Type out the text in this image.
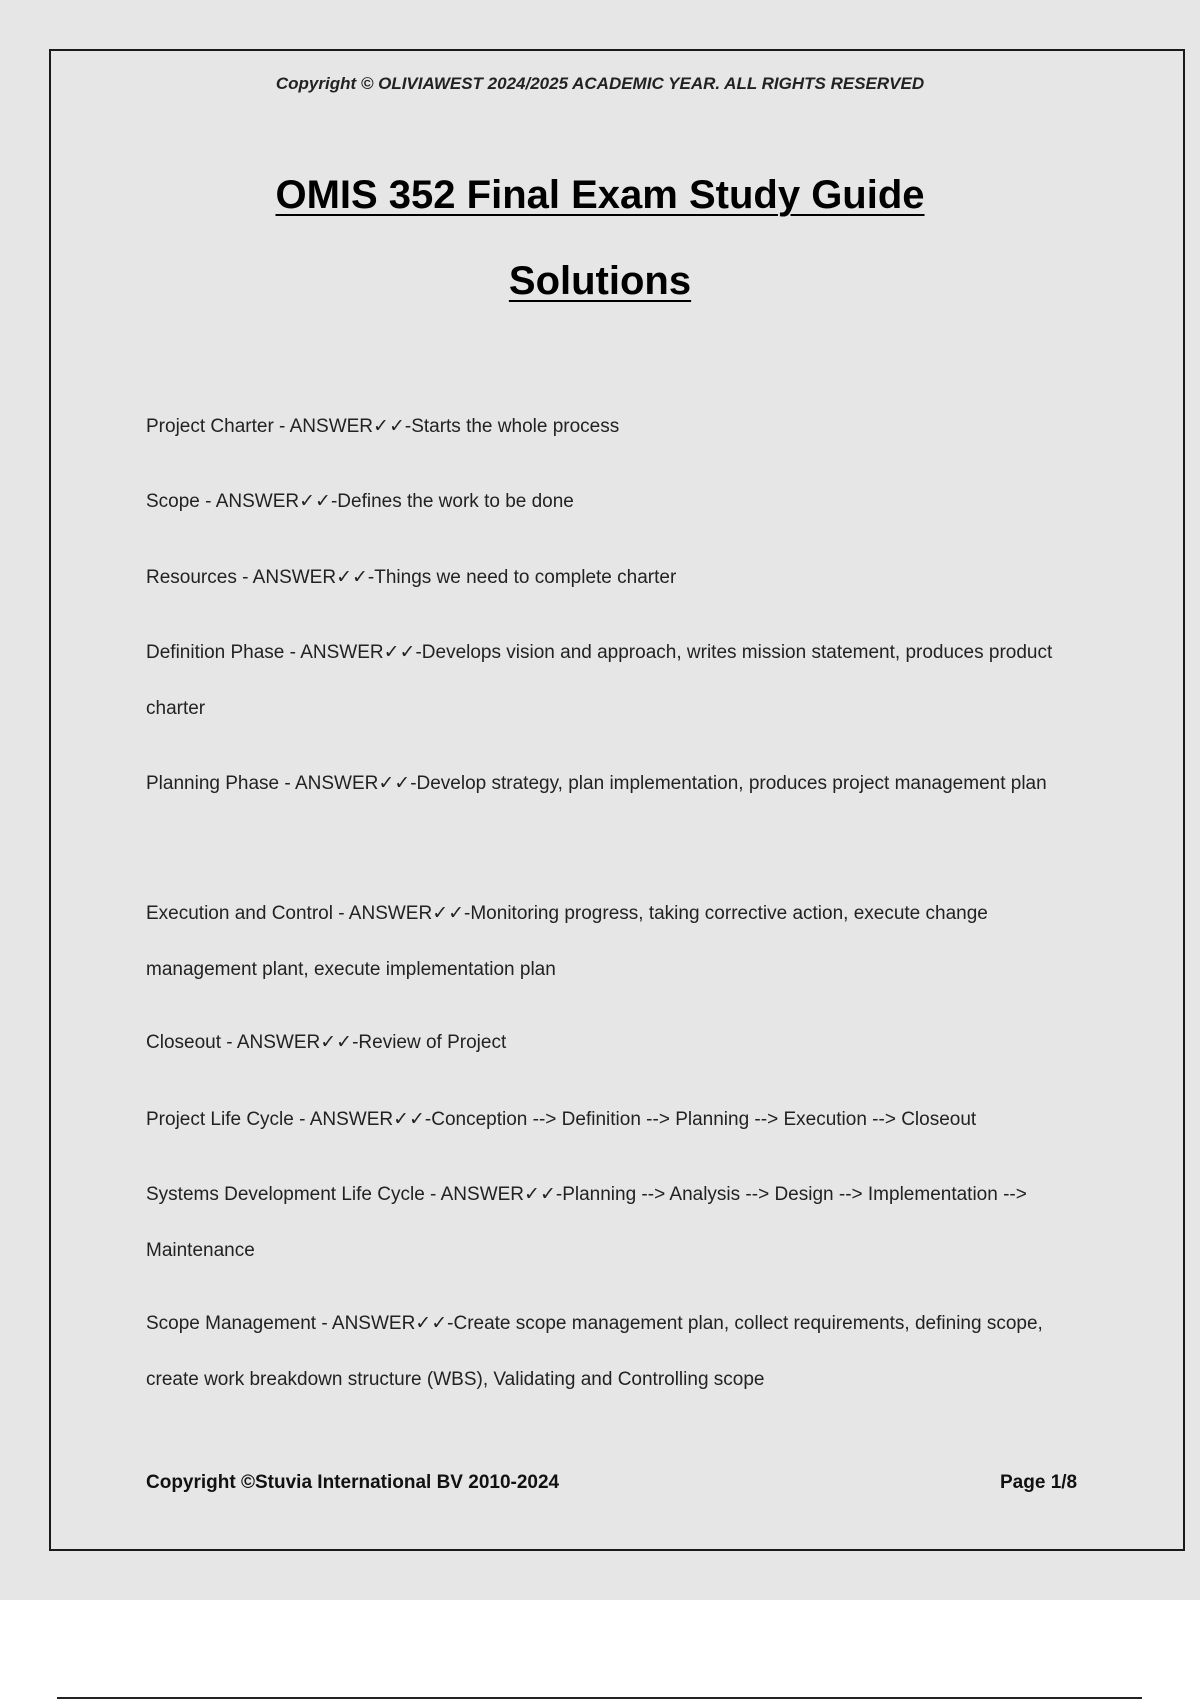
Copyright © OLIVIAWEST 2024/2025 ACADEMIC YEAR. ALL RIGHTS RESERVED
OMIS 352 Final Exam Study Guide
Solutions
Project Charter - ANSWER✓✓ - Starts the whole process
Scope - ANSWER✓✓ - Defines the work to be done
Resources - ANSWER✓✓ - Things we need to complete charter
Definition Phase - ANSWER✓✓ - Develops vision and approach, writes mission statement, produces product charter
Planning Phase - ANSWER✓✓ - Develop strategy, plan implementation, produces project management plan
Execution and Control - ANSWER✓✓ - Monitoring progress, taking corrective action, execute change management plant, execute implementation plan
Closeout - ANSWER✓✓ - Review of Project
Project Life Cycle - ANSWER✓✓ - Conception --> Definition --> Planning --> Execution --> Closeout
Systems Development Life Cycle - ANSWER✓✓ - Planning --> Analysis --> Design --> Implementation --> Maintenance
Scope Management - ANSWER✓✓ - Create scope management plan, collect requirements, defining scope, create work breakdown structure (WBS), Validating and Controlling scope
Copyright ©Stuvia International BV 2010-2024	Page 1/8
